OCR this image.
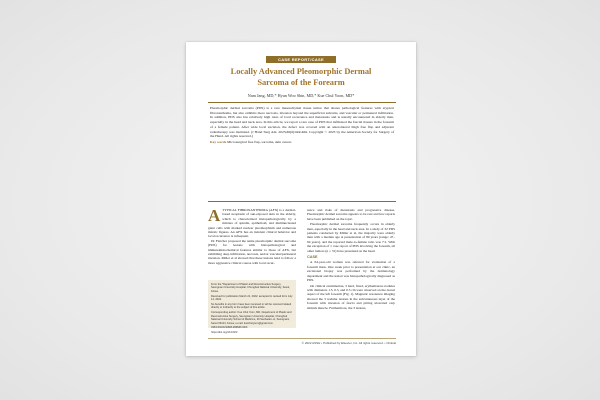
CASE REPORT/CASE
Locally Advanced Pleomorphic Dermal
Sarcoma of the Forearm
Nam Jang, MD,* Hyun Woo Shin, MD,* Kue Chul Yoon, MD*
Pleomorphic dermal sarcoma (PDS) is a rare mesenchymal tissue tumor that shares pathological features with atypical fibroxanthoma, but also exhibits more necrosis, invasion beyond the superficial subcutis, and vascular or perineural infiltration. In addition, PDS also has relatively high rates of local recurrence and metastasis and is usually encountered in elderly men, especially in the head and neck area. In this article, we report a rare case of PDS that infiltrated the fascial tissues in the forearm of a female patient. After wide local excision, the defect was covered with an anterolateral thigh free flap and adjuvant radiotherapy was instituted. (J Hand Surg Am. 2023;##(#):###-###. Copyright © 2023 by the American Society for Surgery of the Hand. All rights reserved.)
Key words Microsurgical free flap, sarcoma, skin cancer.
A TYPICAL FIBROXANTHOMA (AFX) is a dermal-based neoplasm of sun-exposed skin in the elderly, which is characterized histopathologically by a mixture of spindle, epithelioid, and multinucleated giant cells with marked nuclear pleomorphism and numerous mitotic figures. An AFX has an indolent clinical behavior and local recurrence is infrequent.

Dr Fletcher proposed the name pleomorphic dermal sarcoma (PDS) for lesions with histopathological and immunohistochemical features similar to those of AFX, but exhibiting deep infiltration, necrosis, and/or vascular/perineural invasion. Miller et al showed that these lesions tend to follow a more aggressive clinical course with local recur-

From the *Department of Plastic and Reconstructive Surgery, Seongnam University Hospital, Chungbuk National University, Seoul, Korea.
Received for publication March 21, 2022; accepted in revised form July 14, 2022.
No benefits in any form have been received or will be received related directly or indirectly to the subject of this article.
Corresponding author: Kue Chul Yoon, MD, Department of Plastic and Reconstructive Surgery, Seongnam University Hospital, Chungbuk National University School of Medicine, 29 Seohwaro-ro, Seongnam, Seoul 03144, Korea; e-mail: kuechulyoon@gmail.com.
0363-5023/23/###-###$36.00/0
https://doi.org/10.1016/

rence and risks of metastasis and progressive disease. Pleomorphic dermal sarcoma appears to be rare and few reports have been published on the topic.

Pleomorphic dermal sarcoma frequently occurs in elderly men, especially in the head and neck area. In a study of 32 PDS patients conducted by Miller et al, the majority were elderly men with a median age at presentation of 80 years (range: 47–94 years), and the reported male-to-female ratio was 7:1. With the exception of 1 case report of PDS involving the forearm, all other tumors (n = 31) have presented on the head.

CASE

A 64-year-old woman was referred for evaluation of a forearm mass. One week prior to presentation at our clinic, an excisional biopsy was performed by the dermatology department and the lesion was histopathologically diagnosed as PDS.

On clinical examination, 3 hard, fixed, erythematous nodules with diameters 1.5, 0.5, and 0.5 cm were observed on the dorsal aspect of the left forearm (Fig. 1). Magnetic resonance imaging showed the 3 nodular lesions in the subcutaneous layer of the forearm with invasion of fascia and pitting ulcerated carp stimuls muscle. Furthermore, the 3 lesions,

© 2022 ASSH • Published by Elsevier, Inc. All rights reserved. • Clinical
